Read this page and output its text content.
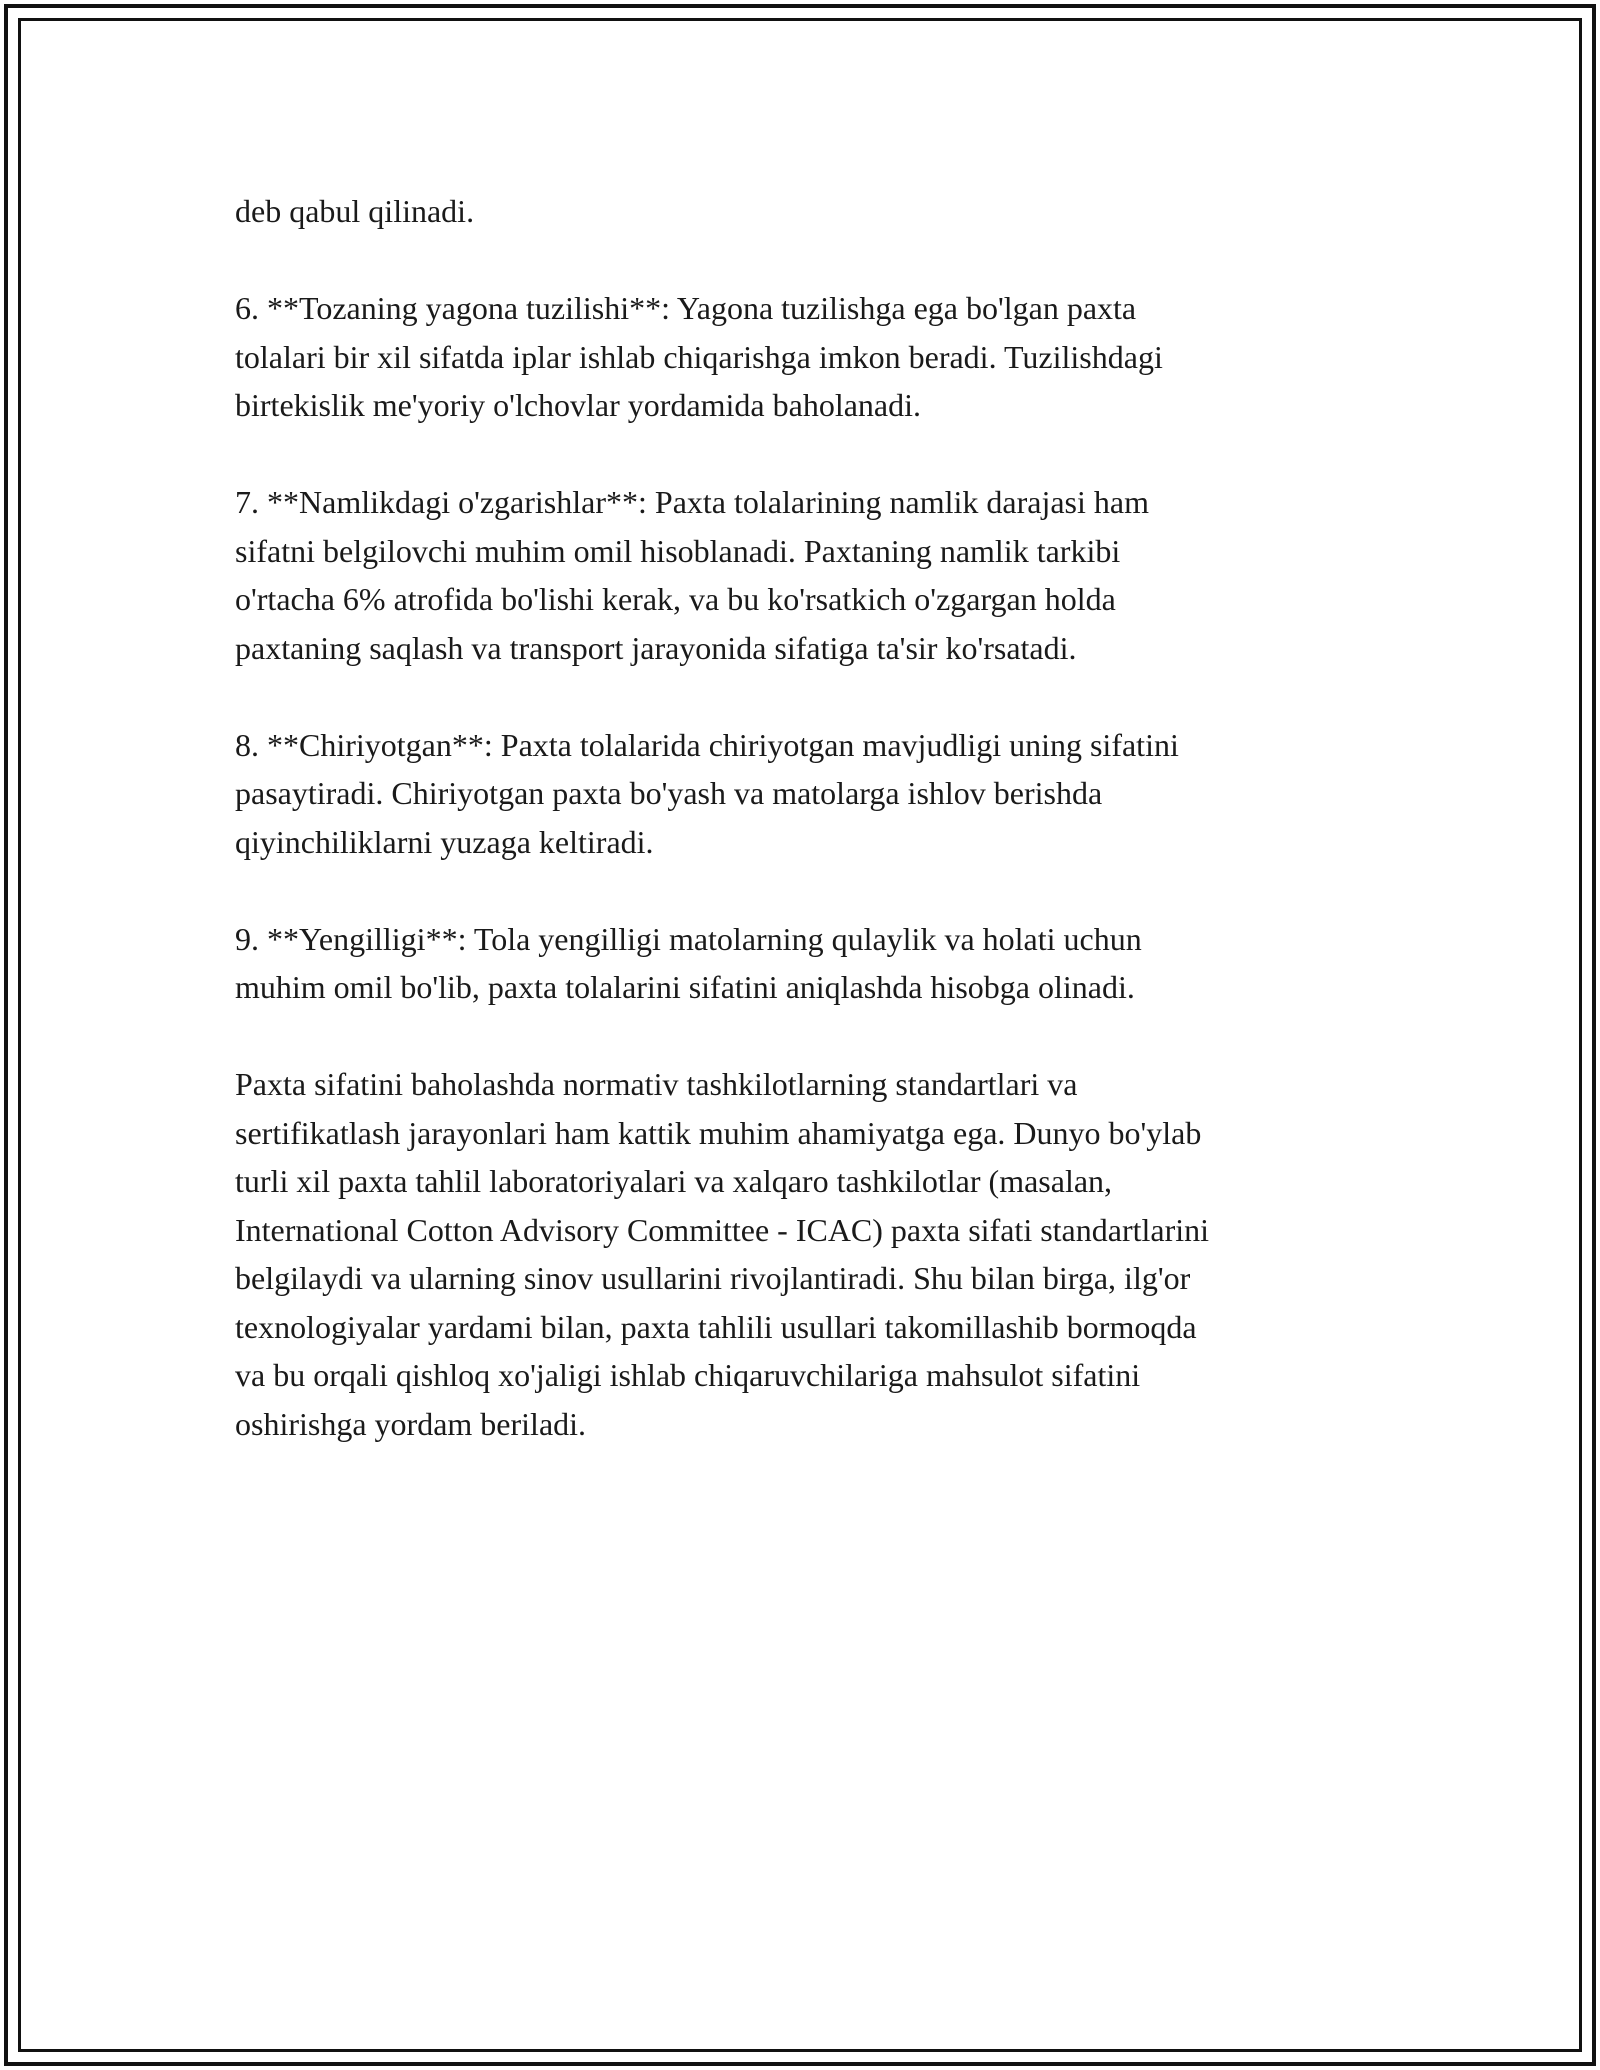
deb qabul qilinadi.
6. **Tozaning yagona tuzilishi**: Yagona tuzilishga ega bo'lgan paxta
tolalari bir xil sifatda iplar ishlab chiqarishga imkon beradi. Tuzilishdagi
birtekislik me'yoriy o'lchovlar yordamida baholanadi.
7. **Namlikdagi o'zgarishlar**: Paxta tolalarining namlik darajasi ham
sifatni belgilovchi muhim omil hisoblanadi. Paxtaning namlik tarkibi
o'rtacha 6% atrofida bo'lishi kerak, va bu ko'rsatkich o'zgargan holda
paxtaning saqlash va transport jarayonida sifatiga ta'sir ko'rsatadi.
8. **Chiriyotgan**: Paxta tolalarida chiriyotgan mavjudligi uning sifatini
pasaytiradi. Chiriyotgan paxta bo'yash va matolarga ishlov berishda
qiyinchiliklarni yuzaga keltiradi.
9. **Yengilligi**: Tola yengilligi matolarning qulaylik va holati uchun
muhim omil bo'lib, paxta tolalarini sifatini aniqlashda hisobga olinadi.
Paxta sifatini baholashda normativ tashkilotlarning standartlari va
sertifikatlash jarayonlari ham kattik muhim ahamiyatga ega. Dunyo bo'ylab
turli xil paxta tahlil laboratoriyalari va xalqaro tashkilotlar (masalan,
International Cotton Advisory Committee - ICAC) paxta sifati standartlarini
belgilaydi va ularning sinov usullarini rivojlantiradi. Shu bilan birga, ilg'or
texnologiyalar yardami bilan, paxta tahlili usullari takomillashib bormoqda
va bu orqali qishloq xo'jaligi ishlab chiqaruvchilariga mahsulot sifatini
oshirishga yordam beriladi.
